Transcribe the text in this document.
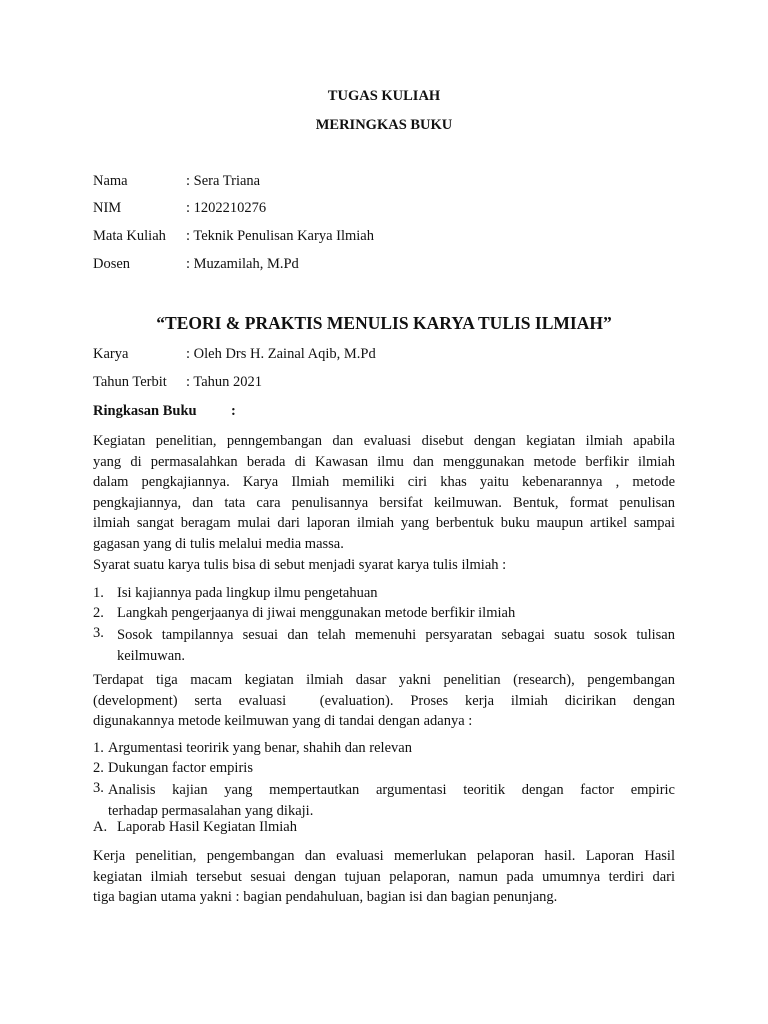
TUGAS KULIAH
MERINGKAS BUKU
Nama	: Sera Triana
NIM	: 1202210276
Mata Kuliah : Teknik Penulisan Karya Ilmiah
Dosen	: Muzamilah, M.Pd
“TEORI & PRAKTIS MENULIS KARYA TULIS ILMIAH”
Karya	: Oleh Drs H. Zainal Aqib, M.Pd
Tahun Terbit : Tahun 2021
Ringkasan Buku :
Kegiatan penelitian, penngembangan dan evaluasi disebut dengan kegiatan ilmiah apabila
yang di permasalahkan berada di Kawasan ilmu dan menggunakan metode berfikir ilmiah
dalam pengkajiannya. Karya Ilmiah memiliki ciri khas yaitu kebenarannya , metode
pengkajiannya, dan tata cara penulisannya bersifat keilmuwan. Bentuk, format penulisan
ilmiah sangat beragam mulai dari laporan ilmiah yang berbentuk buku maupun artikel sampai
gagasan yang di tulis melalui media massa.
Syarat suatu karya tulis bisa di sebut menjadi syarat karya tulis ilmiah :
1. Isi kajiannya pada lingkup ilmu pengetahuan
2. Langkah pengerjaanya di jiwai menggunakan metode berfikir ilmiah
3. Sosok tampilannya sesuai dan telah memenuhi persyaratan sebagai suatu sosok tulisan
keilmuwan.
Terdapat tiga macam kegiatan ilmiah dasar yakni penelitian (research), pengembangan
(development)  serta  evaluasi    (evaluation).  Proses  kerja  ilmiah  dicirikan  dengan
digunakannya metode keilmuwan yang di tandai dengan adanya :
1. Argumentasi teoririk yang benar, shahih dan relevan
2. Dukungan factor empiris
3. Analisis kajian yang mempertautkan argumentasi teoritik dengan factor empiric
terhadap permasalahan yang dikaji.
A. Laporab Hasil Kegiatan Ilmiah
Kerja penelitian, pengembangan dan evaluasi memerlukan pelaporan hasil. Laporan Hasil
kegiatan ilmiah tersebut sesuai dengan tujuan pelaporan, namun pada umumnya terdiri dari
tiga bagian utama yakni : bagian pendahuluan, bagian isi dan bagian penunjang.
